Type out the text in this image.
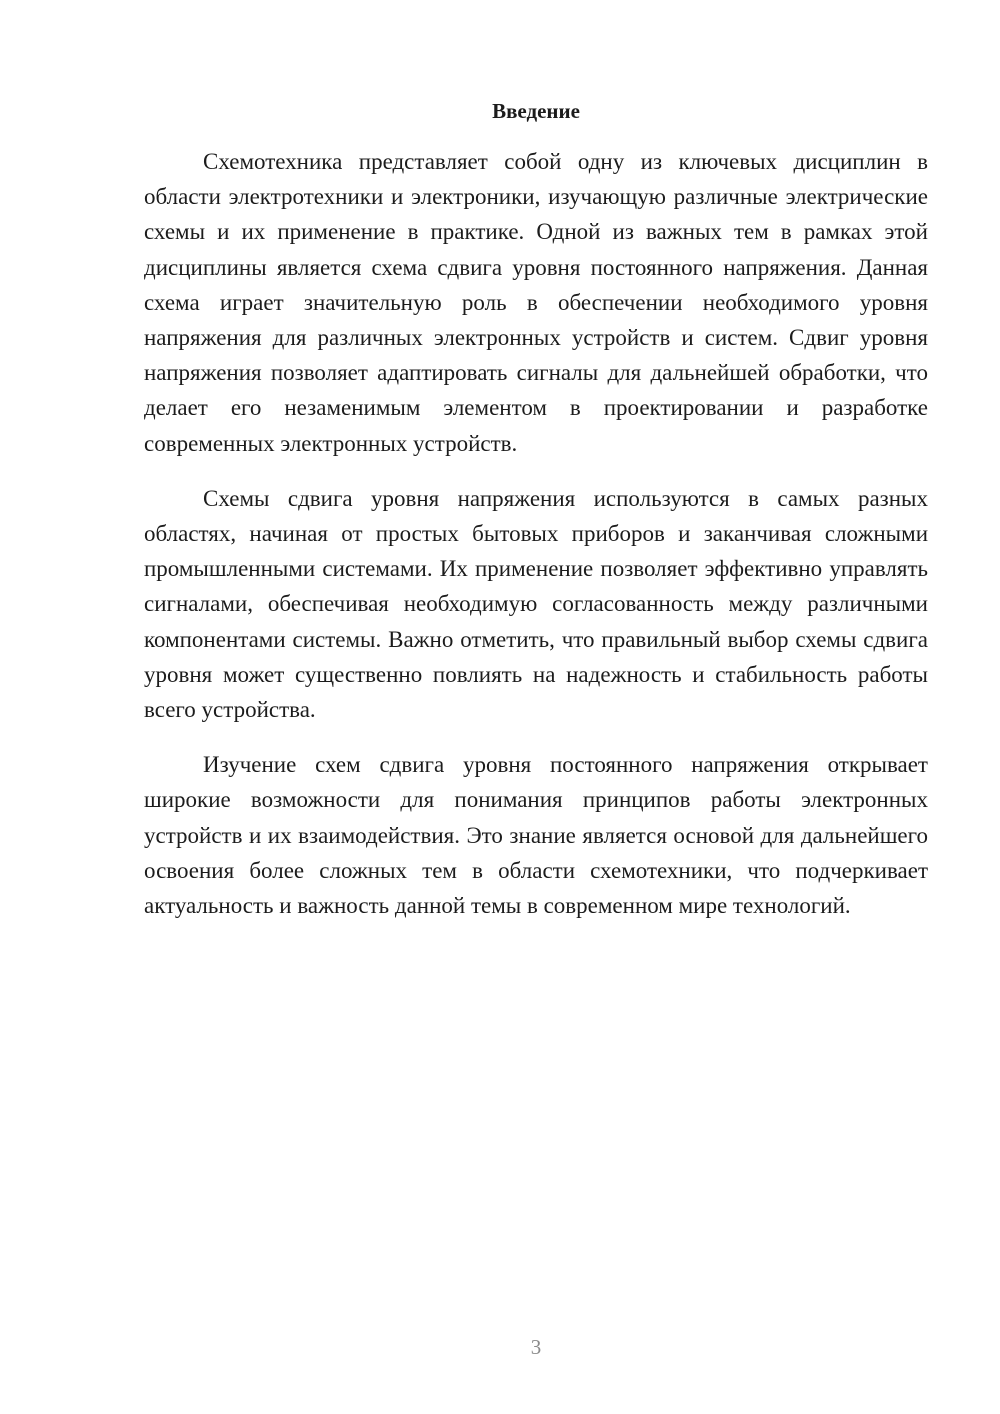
Введение

Схемотехника представляет собой одну из ключевых дисциплин в области электротехники и электроники, изучающую различные электрические схемы и их применение в практике. Одной из важных тем в рамках этой дисциплины является схема сдвига уровня постоянного напряжения. Данная схема играет значительную роль в обеспечении необходимого уровня напряжения для различных электронных устройств и систем. Сдвиг уровня напряжения позволяет адаптировать сигналы для дальнейшей обработки, что делает его незаменимым элементом в проектировании и разработке современных электронных устройств.

Схемы сдвига уровня напряжения используются в самых разных областях, начиная от простых бытовых приборов и заканчивая сложными промышленными системами. Их применение позволяет эффективно управлять сигналами, обеспечивая необходимую согласованность между различными компонентами системы. Важно отметить, что правильный выбор схемы сдвига уровня может существенно повлиять на надежность и стабильность работы всего устройства.

Изучение схем сдвига уровня постоянного напряжения открывает широкие возможности для понимания принципов работы электронных устройств и их взаимодействия. Это знание является основой для дальнейшего освоения более сложных тем в области схемотехники, что подчеркивает актуальность и важность данной темы в современном мире технологий.

3
